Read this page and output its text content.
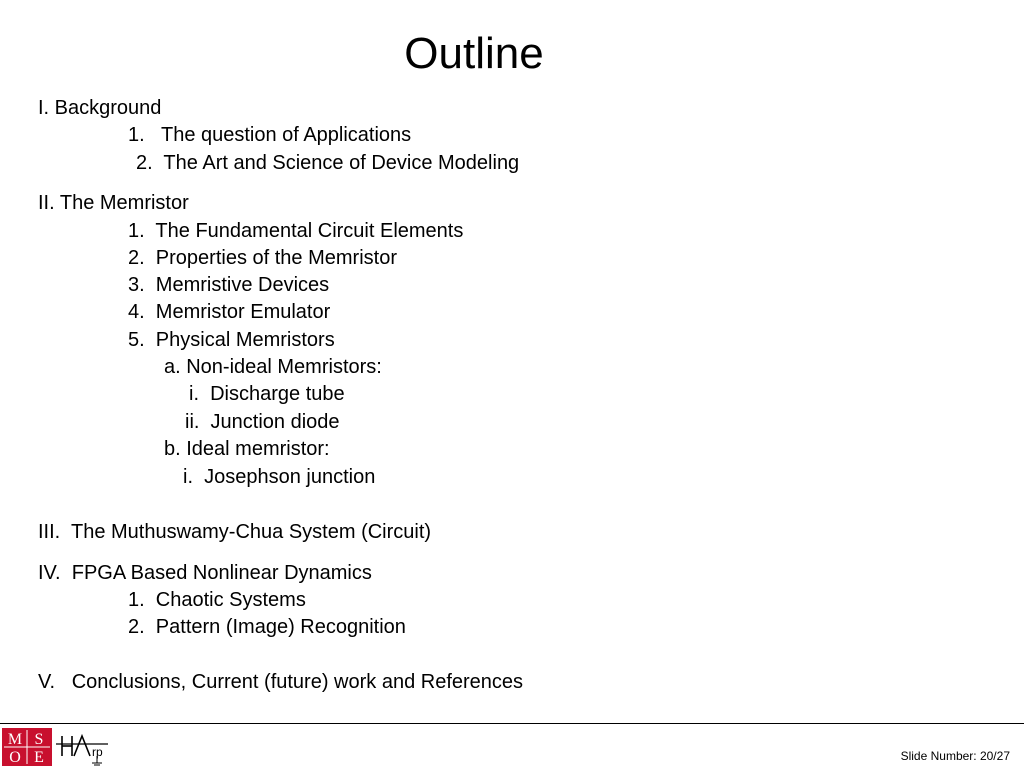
Outline
I. Background
1.   The question of Applications
2.  The Art and Science of Device Modeling
II. The Memristor
1.  The Fundamental Circuit Elements
2.  Properties of the Memristor
3.  Memristive Devices
4.  Memristor Emulator
5.  Physical Memristors
a. Non-ideal Memristors:
i.  Discharge tube
ii.  Junction diode
b. Ideal memristor:
i.  Josephson junction
III.  The Muthuswamy-Chua System (Circuit)
IV.  FPGA Based Nonlinear Dynamics
1.  Chaotic Systems
2.  Pattern (Image) Recognition
V.   Conclusions, Current (future) work and References
M S
O E	rp	Slide Number: 20/27
